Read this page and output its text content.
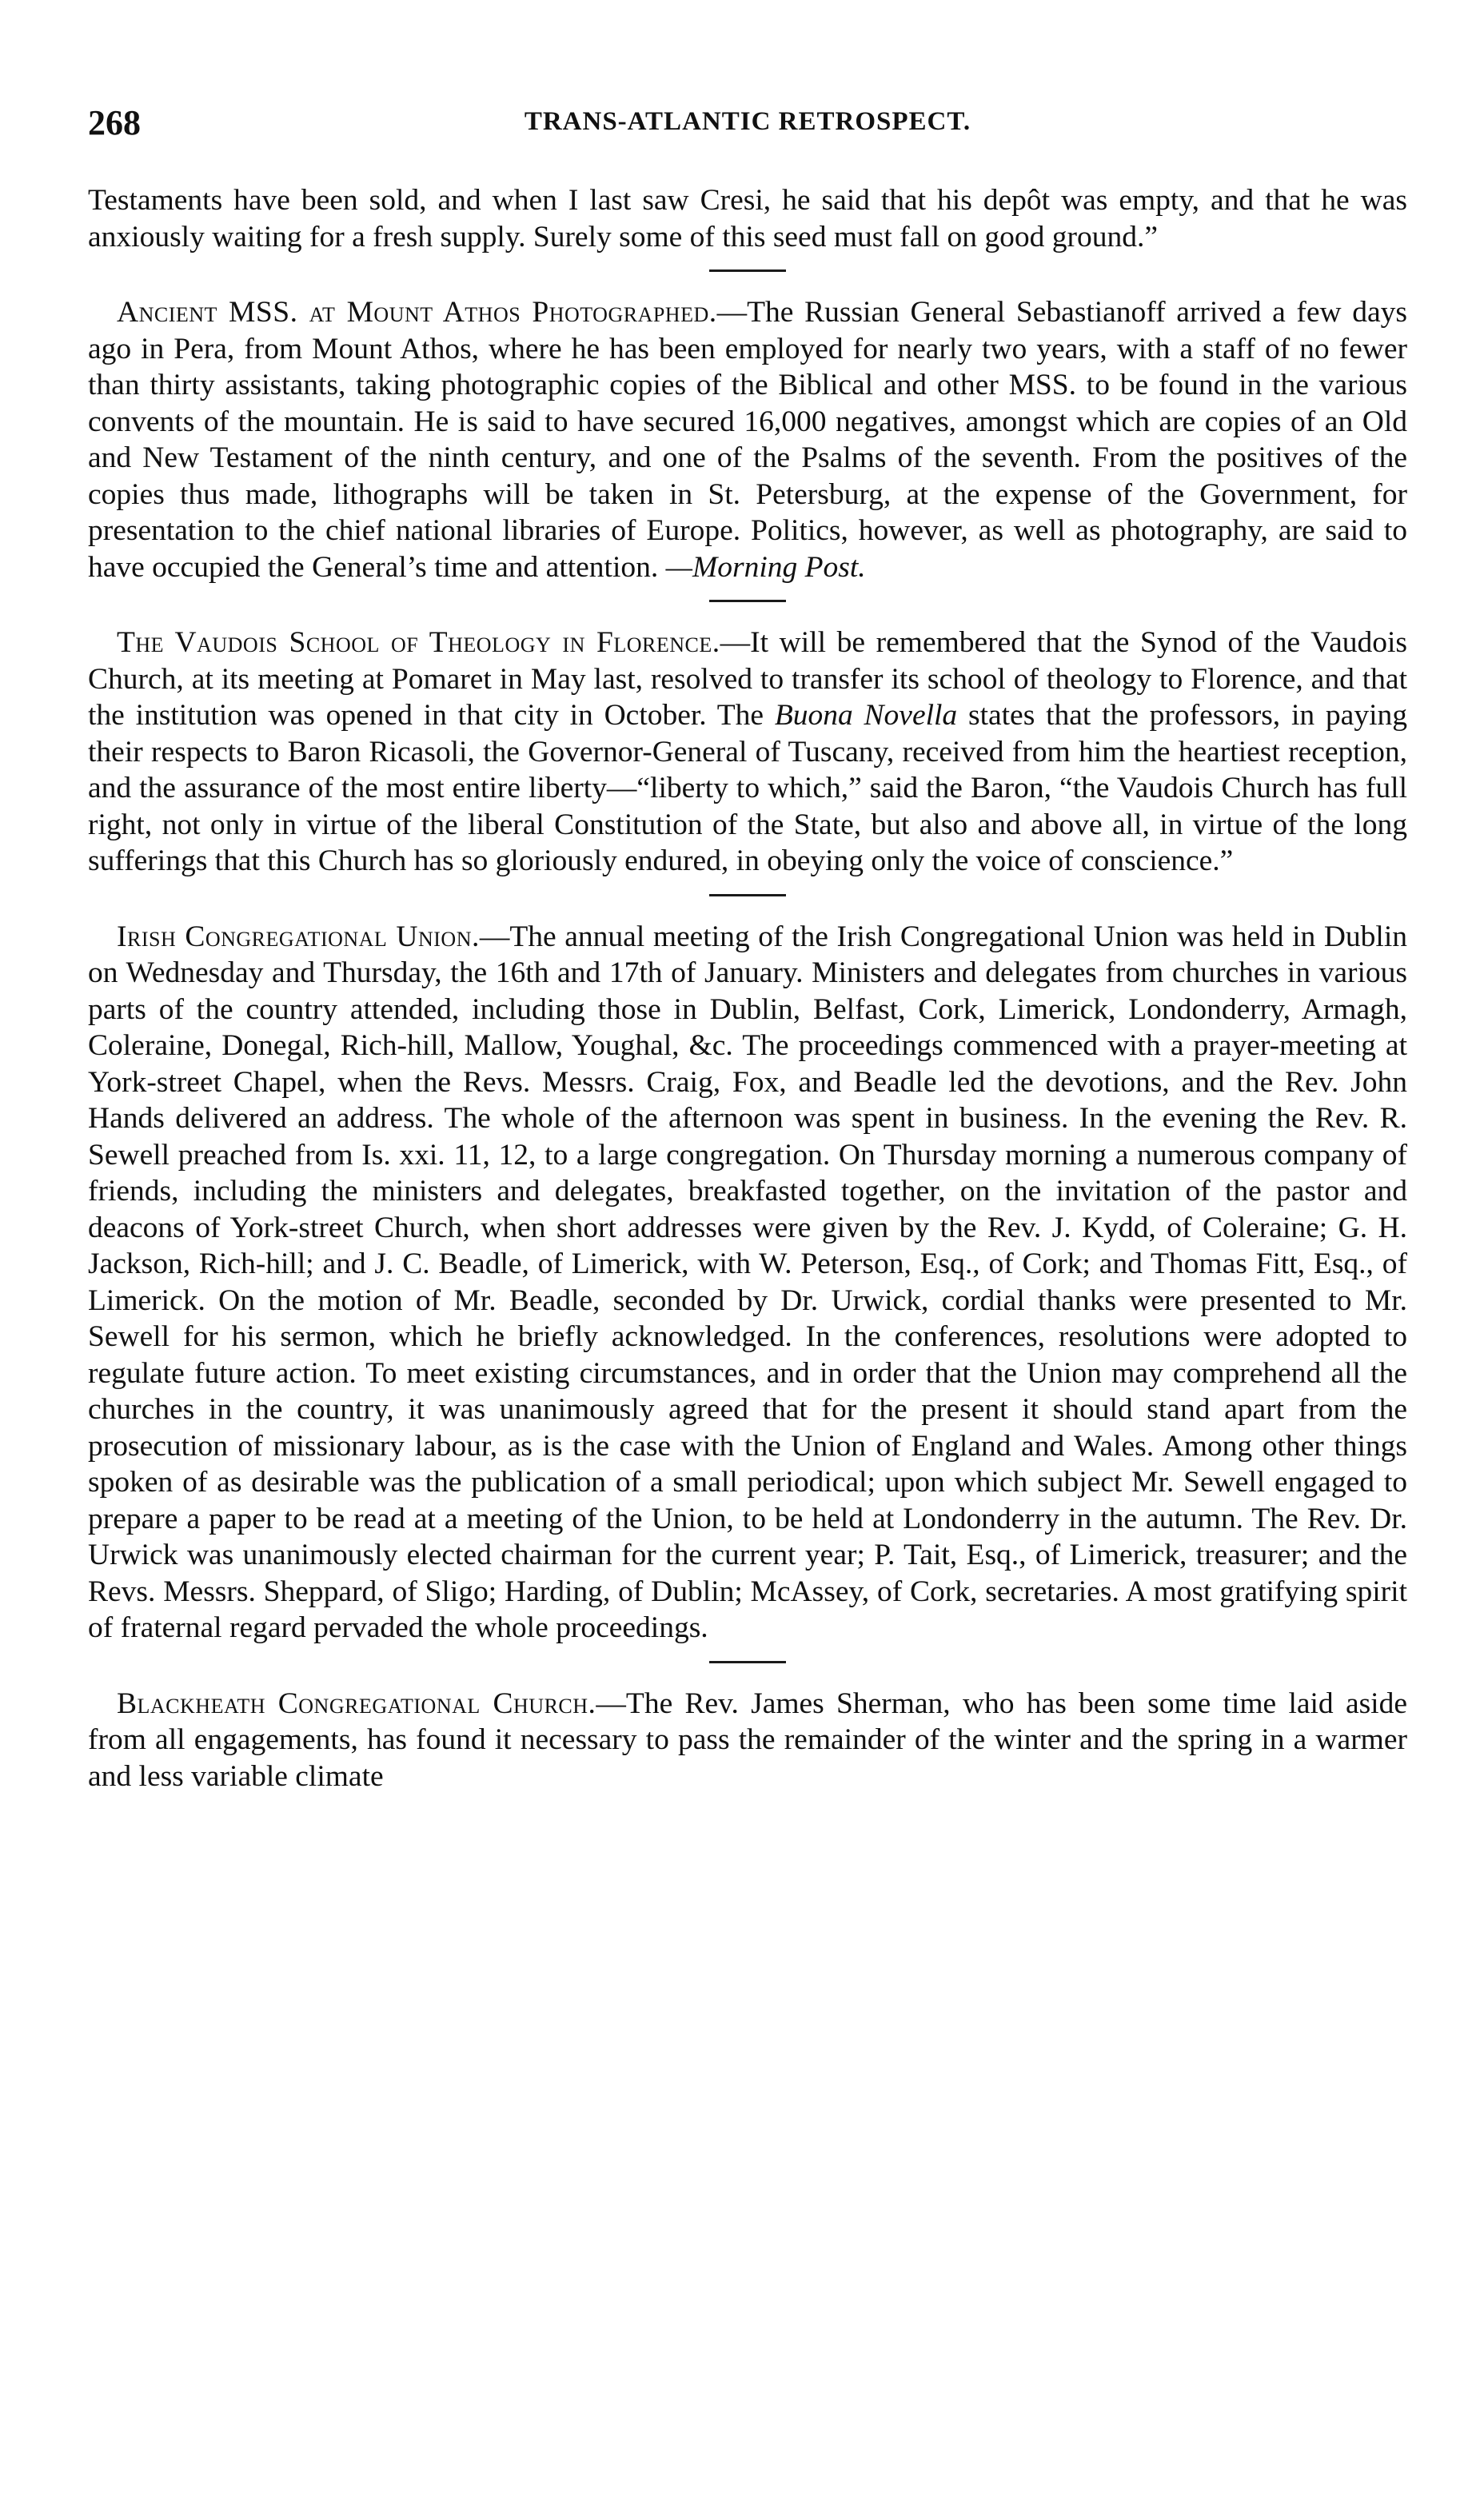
268	TRANS-ATLANTIC RETROSPECT.

Testaments have been sold, and when I last saw Cresi, he said that his depôt was empty, and that he was anxiously waiting for a fresh supply. Surely some of this seed must fall on good ground.”

Ancient MSS. at Mount Athos Photographed.—The Russian General Sebastianoff arrived a few days ago in Pera, from Mount Athos, where he has been employed for nearly two years, with a staff of no fewer than thirty assistants, taking photographic copies of the Biblical and other MSS. to be found in the various convents of the mountain. He is said to have secured 16,000 negatives, amongst which are copies of an Old and New Testament of the ninth century, and one of the Psalms of the seventh. From the positives of the copies thus made, lithographs will be taken in St. Petersburg, at the expense of the Government, for presentation to the chief national libraries of Europe. Politics, however, as well as photography, are said to have occupied the General’s time and attention. —Morning Post.

The Vaudois School of Theology in Florence.—It will be remembered that the Synod of the Vaudois Church, at its meeting at Pomaret in May last, resolved to transfer its school of theology to Florence, and that the institution was opened in that city in October. The Buona Novella states that the professors, in paying their respects to Baron Ricasoli, the Governor-General of Tuscany, received from him the heartiest reception, and the assurance of the most entire liberty—“liberty to which,” said the Baron, “the Vaudois Church has full right, not only in virtue of the liberal Constitution of the State, but also and above all, in virtue of the long sufferings that this Church has so gloriously endured, in obeying only the voice of conscience.”

Irish Congregational Union.—The annual meeting of the Irish Congregational Union was held in Dublin on Wednesday and Thursday, the 16th and 17th of January. Ministers and delegates from churches in various parts of the country attended, including those in Dublin, Belfast, Cork, Limerick, Londonderry, Armagh, Coleraine, Donegal, Rich-hill, Mallow, Youghal, &c. The proceedings commenced with a prayer-meeting at York-street Chapel, when the Revs. Messrs. Craig, Fox, and Beadle led the devotions, and the Rev. John Hands delivered an address. The whole of the afternoon was spent in business. In the evening the Rev. R. Sewell preached from Is. xxi. 11, 12, to a large congregation. On Thursday morning a numerous company of friends, including the ministers and delegates, breakfasted together, on the invitation of the pastor and deacons of York-street Church, when short addresses were given by the Rev. J. Kydd, of Coleraine; G. H. Jackson, Rich-hill; and J. C. Beadle, of Limerick, with W. Peterson, Esq., of Cork; and Thomas Fitt, Esq., of Limerick. On the motion of Mr. Beadle, seconded by Dr. Urwick, cordial thanks were presented to Mr. Sewell for his sermon, which he briefly acknowledged. In the conferences, resolutions were adopted to regulate future action. To meet existing circumstances, and in order that the Union may comprehend all the churches in the country, it was unanimously agreed that for the present it should stand apart from the prosecution of missionary labour, as is the case with the Union of England and Wales. Among other things spoken of as desirable was the publication of a small periodical; upon which subject Mr. Sewell engaged to prepare a paper to be read at a meeting of the Union, to be held at Londonderry in the autumn. The Rev. Dr. Urwick was unanimously elected chairman for the current year; P. Tait, Esq., of Limerick, treasurer; and the Revs. Messrs. Sheppard, of Sligo; Harding, of Dublin; McAssey, of Cork, secretaries. A most gratifying spirit of fraternal regard pervaded the whole proceedings.

Blackheath Congregational Church.—The Rev. James Sherman, who has been some time laid aside from all engagements, has found it necessary to pass the remainder of the winter and the spring in a warmer and less variable climate
